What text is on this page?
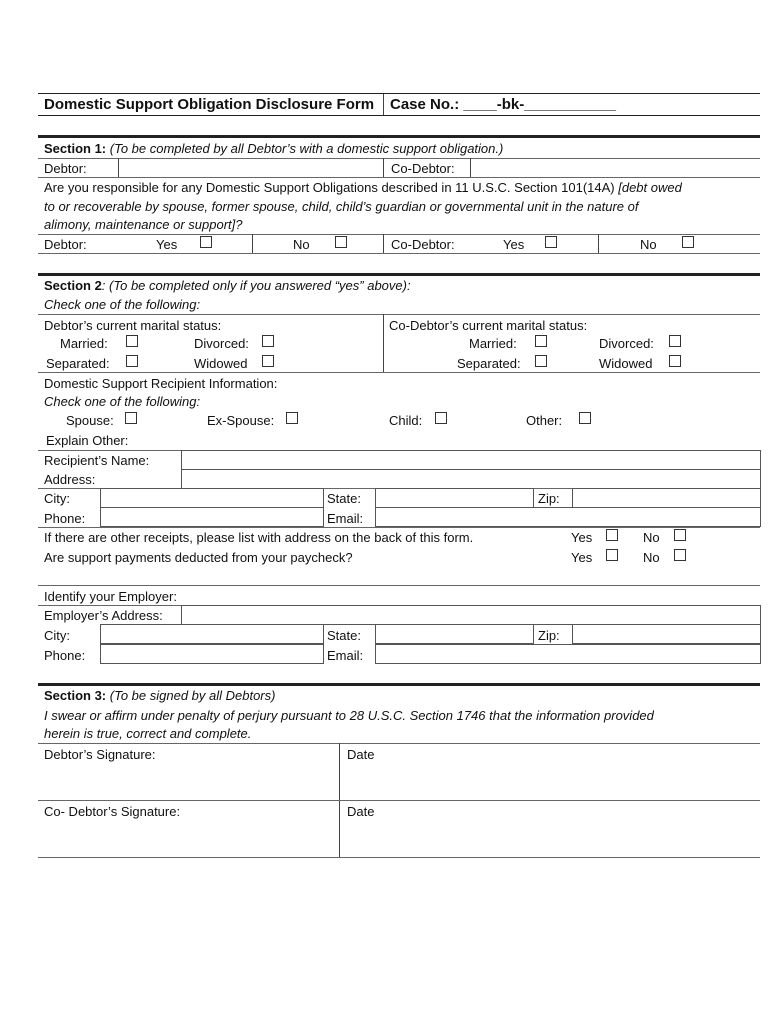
Domestic Support Obligation Disclosure Form Case No.: ____-bk-___________
Section 1: (To be completed by all Debtor’s with a domestic support obligation.)
Debtor:	Co-Debtor:
Are you responsible for any Domestic Support Obligations described in 11 U.S.C. Section 101(14A) [debt owed
to or recoverable by spouse, former spouse, child, child’s guardian or governmental unit in the nature of
alimony, maintenance or support]?
Debtor:	Yes	No	Co-Debtor:	Yes	No
Section 2: (To be completed only if you answered “yes” above):
Check one of the following:
Debtor’s current marital status:	Co-Debtor’s current marital status:
Married:	Divorced:
Separated:	Widowed
Married:	Divorced:
Separated:	Widowed
Domestic Support Recipient Information:
Check one of the following:
Spouse:	Ex-Spouse:	Child:	Other:
Explain Other:
Recipient’s Name:
Address:
City:	State:	Zip:
Phone:	Email:
If there are other receipts, please list with address on the back of this form.	Yes	No
Are support payments deducted from your paycheck?	Yes	No
Identify your Employer:
Employer’s Address:
City:	State:	Zip:
Phone:	Email:
Section 3: (To be signed by all Debtors)
I swear or affirm under penalty of perjury pursuant to 28 U.S.C. Section 1746 that the information provided
herein is true, correct and complete.
Debtor’s Signature:	Date
Co- Debtor’s Signature:	Date
